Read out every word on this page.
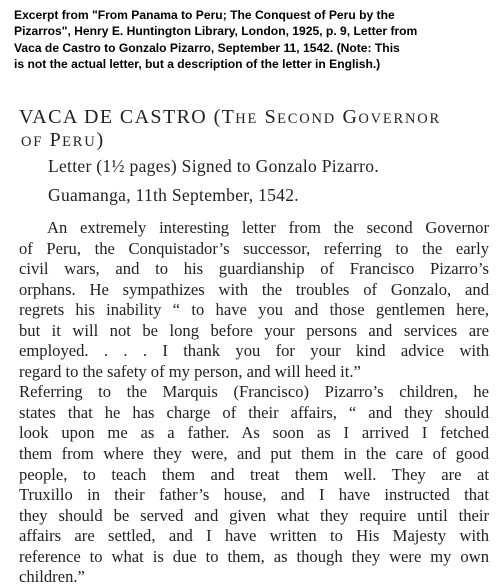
Excerpt from "From Panama to Peru; The Conquest of Peru by the
Pizarros", Henry E. Huntington Library, London, 1925, p. 9, Letter from
Vaca de Castro to Gonzalo Pizarro, September 11, 1542. (Note: This
is not the actual letter, but a description of the letter in English.)
VACA DE CASTRO (THE SECOND GOVERNOR
OF PERU)
Letter (1½ pages) Signed to Gonzalo Pizarro.
Guamanga, 11th September, 1542.
An extremely interesting letter from the second Governor
of Peru, the Conquistador’s successor, referring to the early
civil wars, and to his guardianship of Francisco Pizarro’s
orphans. He sympathizes with the troubles of Gonzalo, and
regrets his inability “ to have you and those gentlemen here,
but it will not be long before your persons and services are
employed. . . . I thank you for your kind advice with
regard to the safety of my person, and will heed it.”
Referring to the Marquis (Francisco) Pizarro’s children, he
states that he has charge of their affairs, “ and they should
look upon me as a father. As soon as I arrived I fetched
them from where they were, and put them in the care of good
people, to teach them and treat them well. They are at
Truxillo in their father’s house, and I have instructed that
they should be served and given what they require until their
affairs are settled, and I have written to His Majesty with
reference to what is due to them, as though they were my own
children.”
